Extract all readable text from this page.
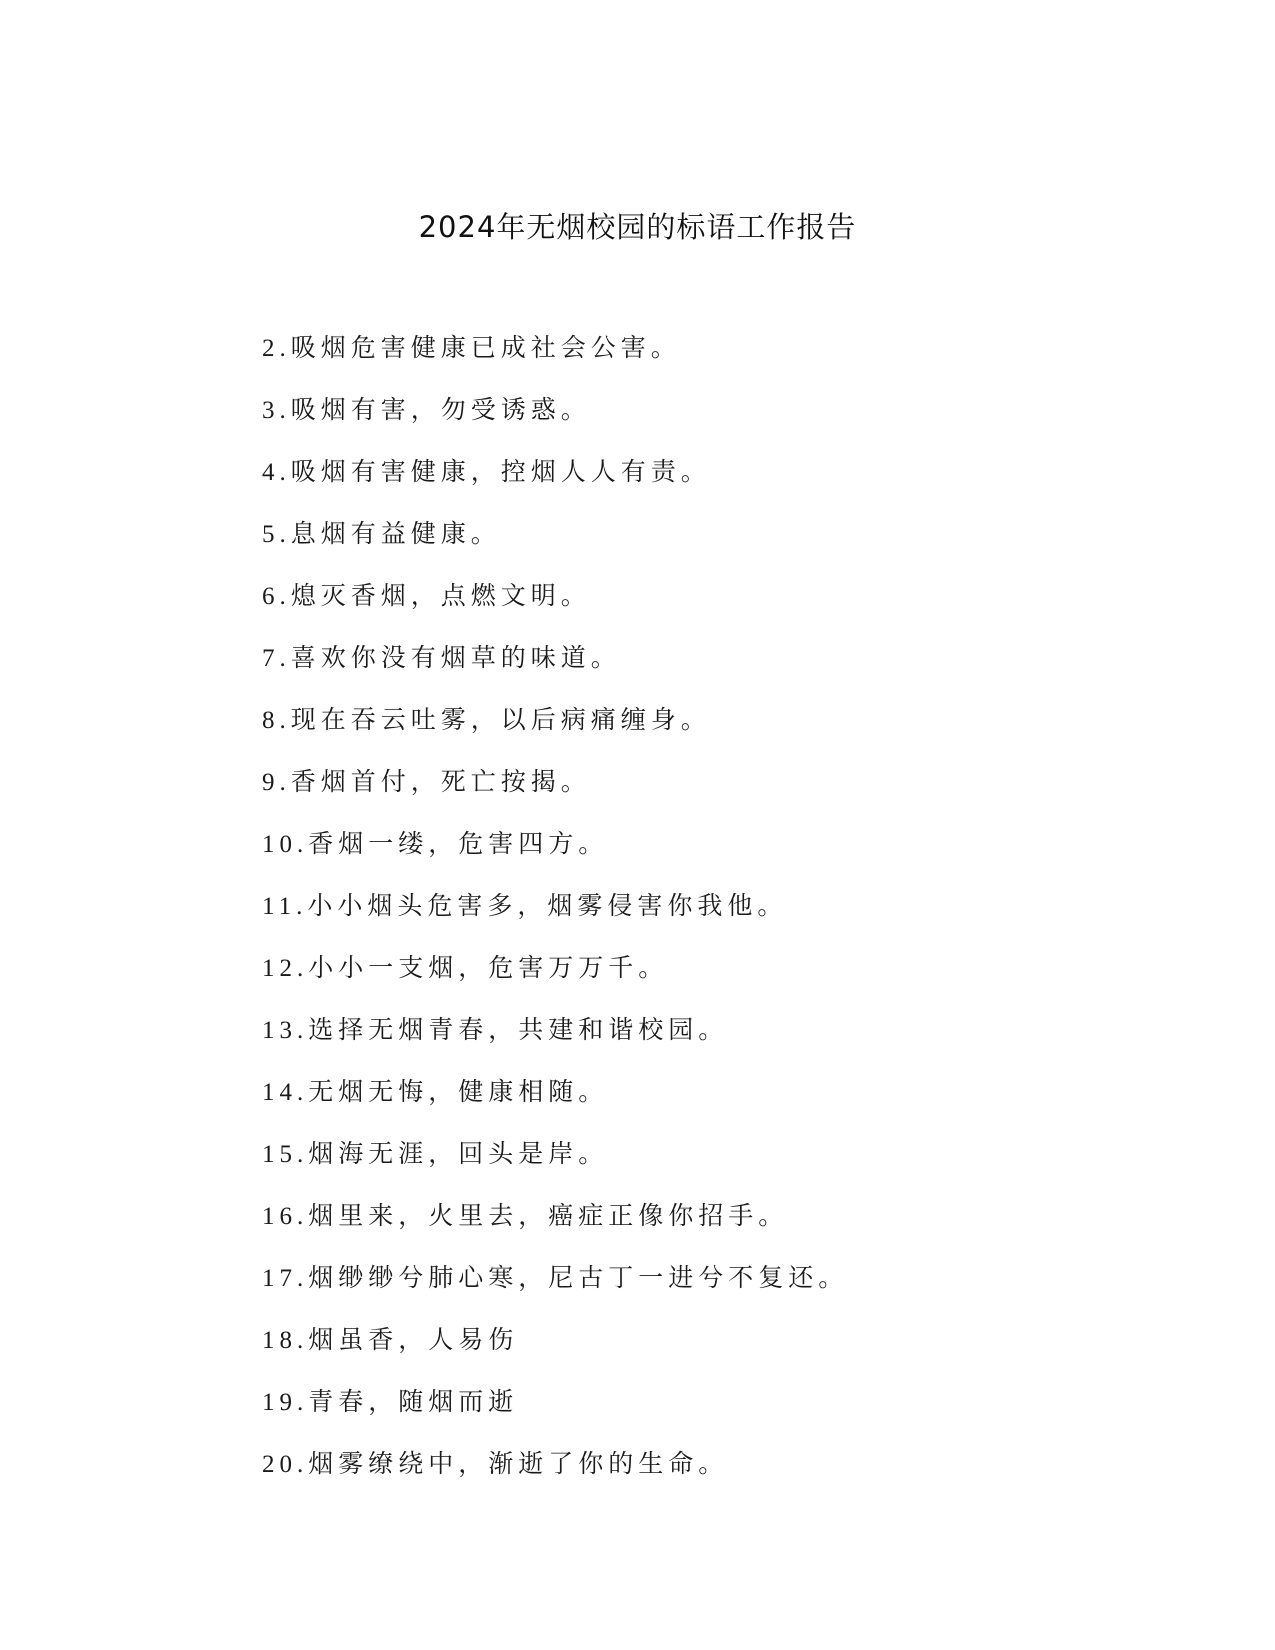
2024年无烟校园的标语工作报告
2.吸烟危害健康已成社会公害。
3.吸烟有害，勿受诱惑。
4.吸烟有害健康，控烟人人有责。
5.息烟有益健康。
6.熄灭香烟，点燃文明。
7.喜欢你没有烟草的味道。
8.现在吞云吐雾，以后病痛缠身。
9.香烟首付，死亡按揭。
10.香烟一缕，危害四方。
11.小小烟头危害多，烟雾侵害你我他。
12.小小一支烟，危害万万千。
13.选择无烟青春，共建和谐校园。
14.无烟无悔，健康相随。
15.烟海无涯，回头是岸。
16.烟里来，火里去，癌症正像你招手。
17.烟缈缈兮肺心寒，尼古丁一进兮不复还。
18.烟虽香，人易伤
19.青春，随烟而逝
20.烟雾缭绕中，渐逝了你的生命。
